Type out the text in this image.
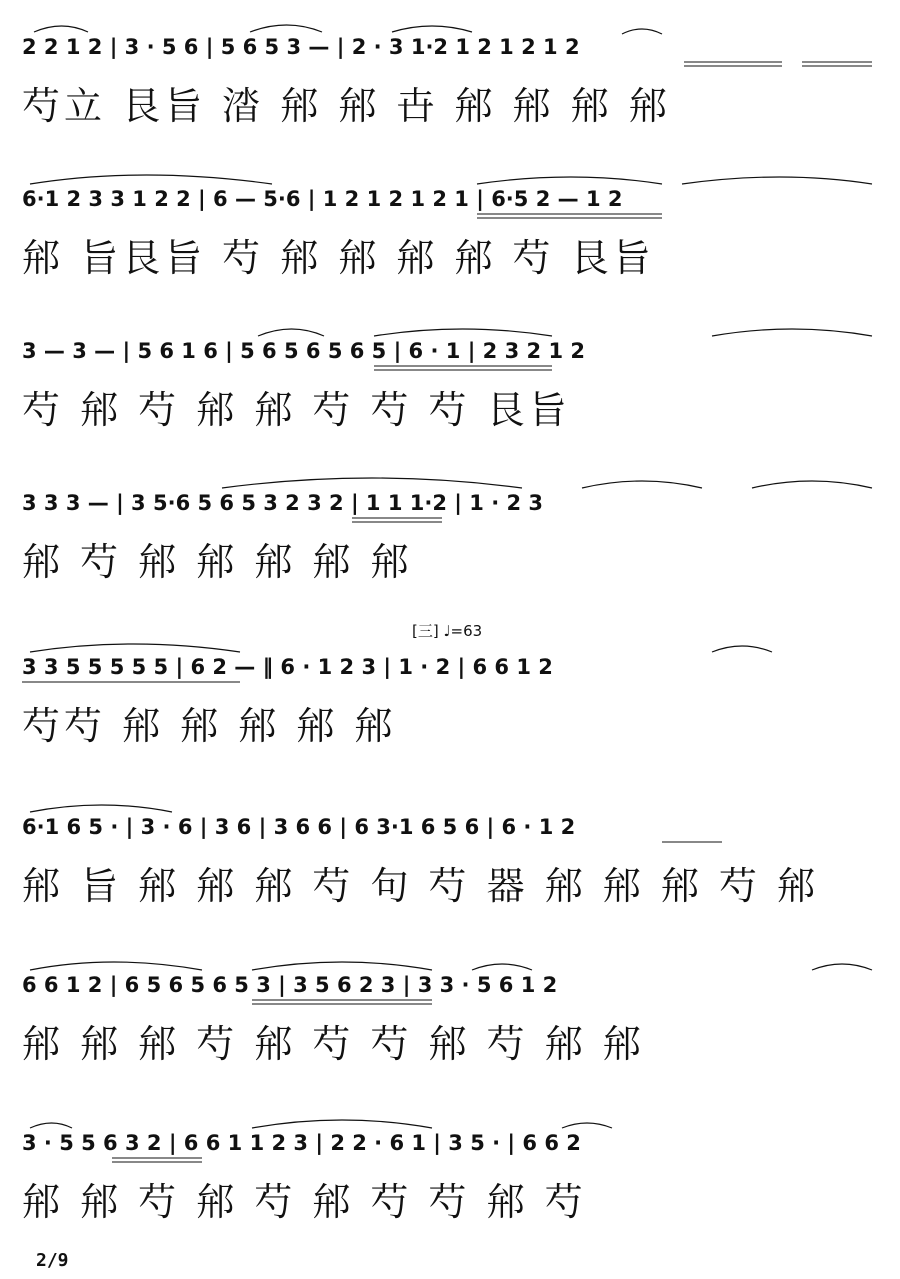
2 2 1 2 | 3 · 5 6 | 5 6 5 3 — | 2 · 3 1·2 1 2 1 2 1 2
芍立 艮旨 涾 𨚕 𨚕 卋 𨚕 𨚕 𨚕 𨚕
6·1 2 3 3 1 2 2 | 6 — 5·6 | 1 2 1 2 1 2 1 | 6·5 2 — 1 2
𨚕 旨艮旨 芍 𨚕 𨚕 𨚕 𨚕 芍 艮旨
3 — 3 — | 5 6 1 6 | 5 6 5 6 5 6 5 | 6 · 1 | 2 3 2 1 2
芍 𨚕 芍 𨚕 𨚕 芍 芍 芍 艮旨
3 3 3 — | 3 5·6 5 6 5 3 2 3 2 | 1 1 1·2 | 1 · 2 3
𨚕 芍 𨚕 𨚕 𨚕 𨚕 𨚕
[三] ♩=63
3 3 5 5 5 5 5 | 6 2 — ‖ 6 · 1 2 3 | 1 · 2 | 6 6 1 2
芍芍 𨚕 𨚕 𨚕 𨚕 𨚕
6·1 6 5 · | 3 · 6 | 3 6 | 3 6 6 | 6 3·1 6 5 6 | 6 · 1 2
𨚕 旨 𨚕 𨚕 𨚕 芍 句 芍 器 𨚕 𨚕 𨚕 芍 𨚕
6 6 1 2 | 6 5 6 5 6 5 3 | 3 5 6 2 3 | 3 3 · 5 6 1 2
𨚕 𨚕 𨚕 芍 𨚕 芍 芍 𨚕 芍 𨚕 𨚕
3 · 5 5 6 3 2 | 6 6 1 1 2 3 | 2 2 · 6 1 | 3 5 · | 6 6 2
𨚕 𨚕 芍 𨚕 芍 𨚕 芍 芍 𨚕 芍
2/9
